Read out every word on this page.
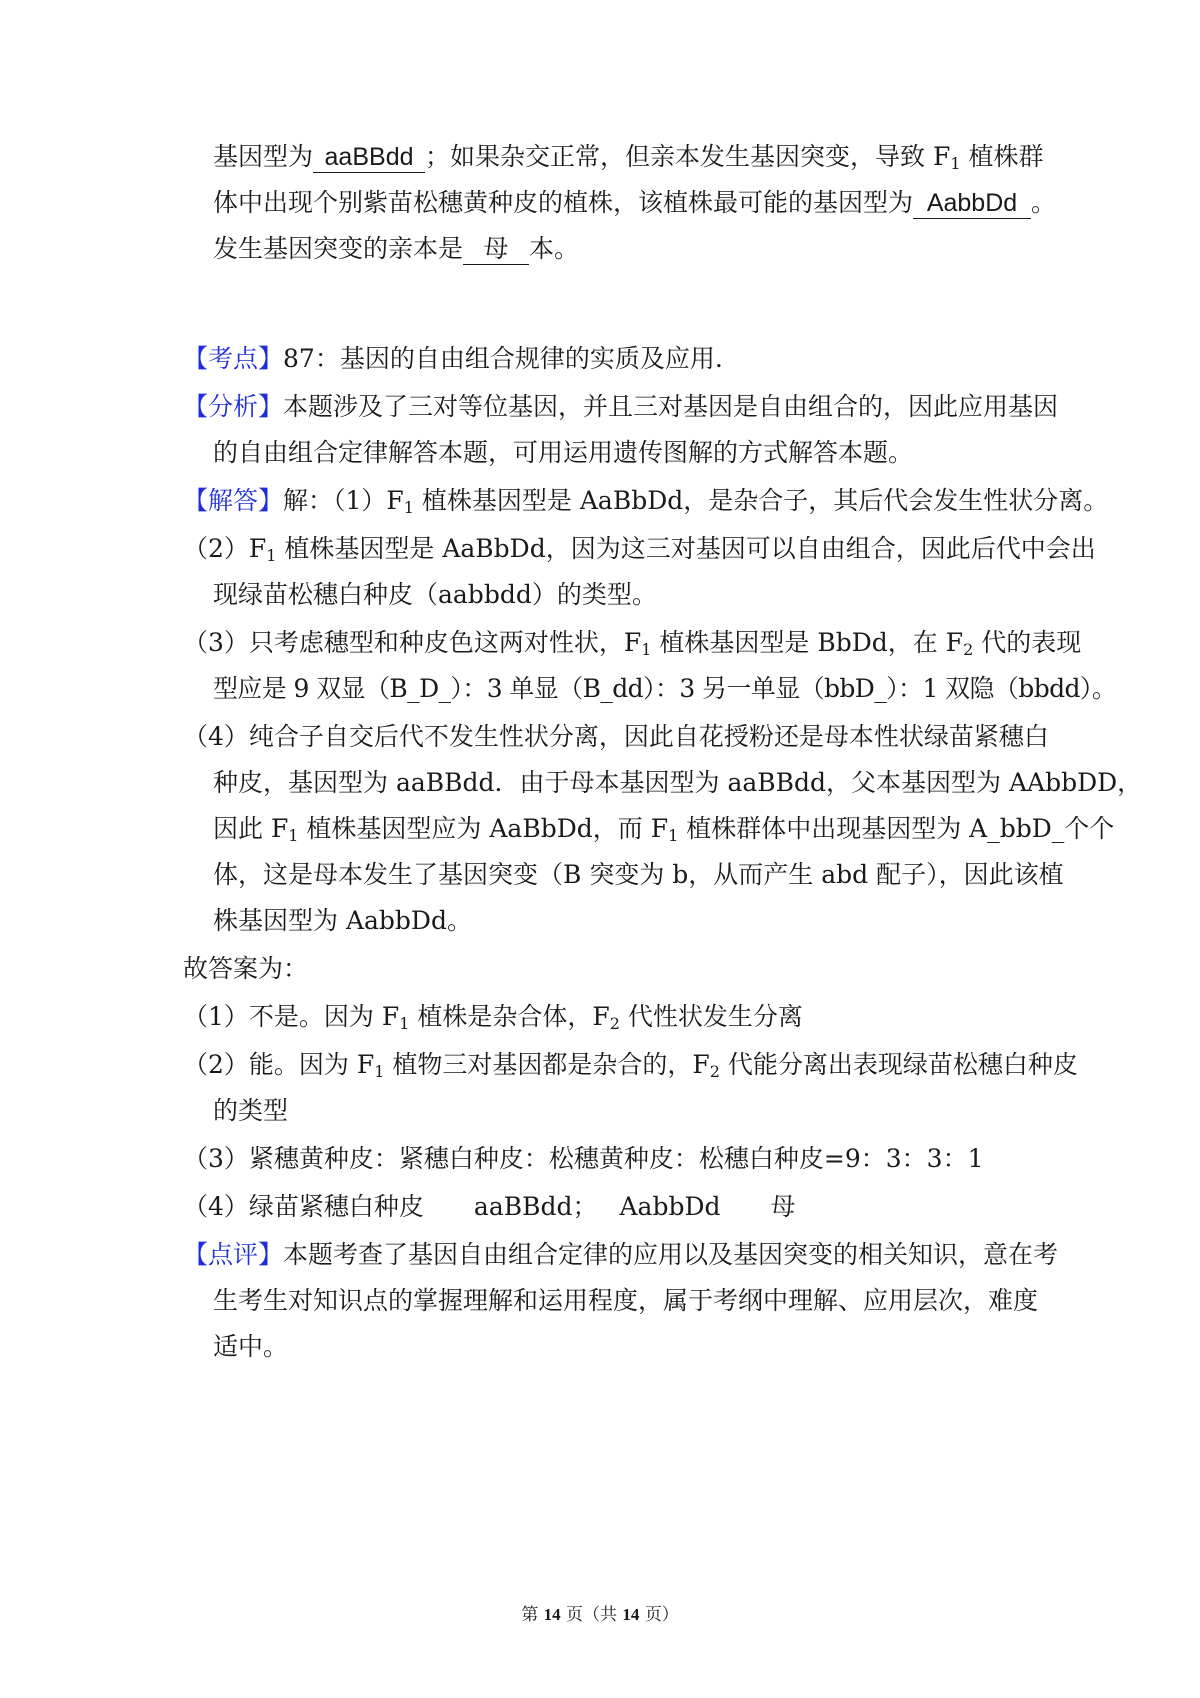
基因型为 aaBBdd ；如果杂交正常，但亲本发生基因突变，导致 $F_1$ 植株群
体中出现个别紫苗松穗黄种皮的植株，该植株最可能的基因型为 AabbDd 。
发生基因突变的亲本是 母 本。
【考点】87：基因的自由组合规律的实质及应用.
【分析】本题涉及了三对等位基因，并且三对基因是自由组合的，因此应用基因
的自由组合定律解答本题，可用运用遗传图解的方式解答本题。
【解答】解：$(1)F_1$ 植株基因型是 AaBbDd，是杂合子，其后代会发生性状分离。
$(2)F_1$ 植株基因型是 AaBbDd，因为这三对基因可以自由组合，因此后代中会出
现绿苗松穗白种皮（aabbdd）的类型。
（3）只考虑穗型和种皮色这两对性状，$F_1$ 植株基因型是 BbDd，在 $F_2$ 代的表现
型应是 9 双显（B_D_）：3 单显（B_dd）：3 另一单显（bbD_）：1 双隐（bbdd）。
（4）纯合子自交后代不发生性状分离，因此自花授粉还是母本性状绿苗紧穗白
种皮，基因型为 aaBBdd．由于母本基因型为 aaBBdd，父本基因型为 AAbbDD，
因此 $F_1$ 植株基因型应为 AaBbDd，而 $F_1$ 植株群体中出现基因型为 A_bbD_个个
体，这是母本发生了基因突变（B 突变为 b，从而产生 abd 配子），因此该植
株基因型为 AabbDd。
故答案为：
（1）不是。因为 $F_1$ 植株是杂合体，$F_2$ 代性状发生分离
（2）能。因为 $F_1$ 植物三对基因都是杂合的，$F_2$ 代能分离出表现绿苗松穗白种皮
的类型
（3）紧穗黄种皮：紧穗白种皮：松穗黄种皮：松穗白种皮=9：3：3：1
（4）绿苗紧穗白种皮 aaBBdd； AabbDd 母
【点评】本题考查了基因自由组合定律的应用以及基因突变的相关知识，意在考
生考生对知识点的掌握理解和运用程度，属于考纲中理解、应用层次，难度
适中。
第 14 页（共 14 页）
